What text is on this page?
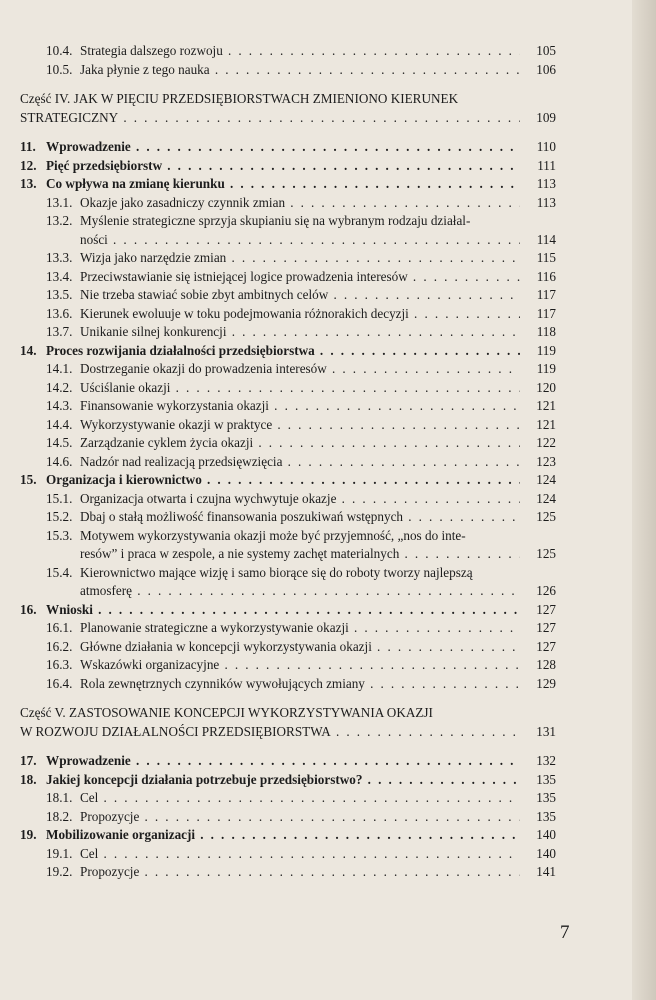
10.4. Strategia dalszego rozwoju . . .	105
10.5. Jaka płynie z tego nauka . . .	106
Część IV. JAK W PIĘCIU PRZEDSIĘBIORSTWACH ZMIENIONO KIERUNEK
STRATEGICZNY . . .	109
11. Wprowadzenie . . .	110
12. Pięć przedsiębiorstw . . .	111
13. Co wpływa na zmianę kierunku . . .	113
13.1. Okazje jako zasadniczy czynnik zmian . . .	113
13.2. Myślenie strategiczne sprzyja skupianiu się na wybranym rodzaju działal-
ności . . .	114
13.3. Wizja jako narzędzie zmian . . .	115
13.4. Przeciwstawianie się istniejącej logice prowadzenia interesów . . .	116
13.5. Nie trzeba stawiać sobie zbyt ambitnych celów . . .	117
13.6. Kierunek ewoluuje w toku podejmowania różnorakich decyzji . . .	117
13.7. Unikanie silnej konkurencji . . .	118
14. Proces rozwijania działalności przedsiębiorstwa . . .	119
14.1. Dostrzeganie okazji do prowadzenia interesów . . .	119
14.2. Uściślanie okazji . . .	120
14.3. Finansowanie wykorzystania okazji . . .	121
14.4. Wykorzystywanie okazji w praktyce . . .	121
14.5. Zarządzanie cyklem życia okazji . . .	122
14.6. Nadzór nad realizacją przedsięwzięcia . . .	123
15. Organizacja i kierownictwo . . .	124
15.1. Organizacja otwarta i czujna wychwytuje okazje . . .	124
15.2. Dbaj o stałą możliwość finansowania poszukiwań wstępnych . . .	125
15.3. Motywem wykorzystywania okazji może być przyjemność, „nos do inte-
resów” i praca w zespole, a nie systemy zachęt materialnych . . .	125
15.4. Kierownictwo mające wizję i samo biorące się do roboty tworzy najlepszą
atmosferę . . .	126
16. Wnioski . . .	127
16.1. Planowanie strategiczne a wykorzystywanie okazji . . .	127
16.2. Główne działania w koncepcji wykorzystywania okazji . . .	127
16.3. Wskazówki organizacyjne . . .	128
16.4. Rola zewnętrznych czynników wywołujących zmiany . . .	129
Część V. ZASTOSOWANIE KONCEPCJI WYKORZYSTYWANIA OKAZJI
W ROZWOJU DZIAŁALNOŚCI PRZEDSIĘBIORSTWA . . .	131
17. Wprowadzenie . . .	132
18. Jakiej koncepcji działania potrzebuje przedsiębiorstwo? . . .	135
18.1. Cel . . .	135
18.2. Propozycje . . .	135
19. Mobilizowanie organizacji . . .	140
19.1. Cel . . .	140
19.2. Propozycje . . .	141
7
